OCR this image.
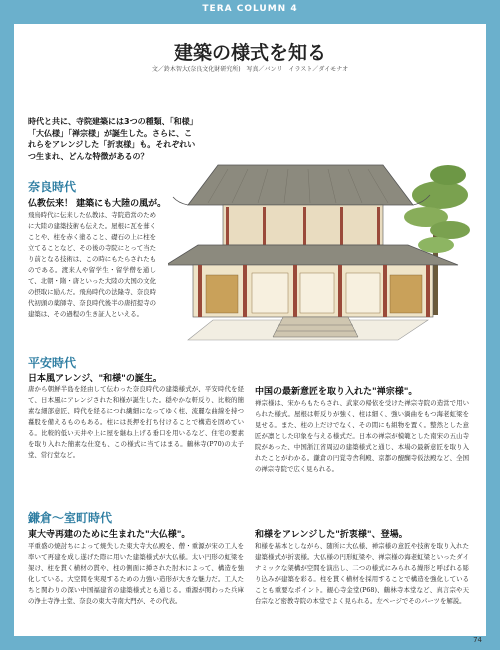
TERA COLUMN 4
建築の様式を知る
文／鈴木智大(奈良文化財研究所)　写真／バンリ　イラスト／ダイモナオ
時代と共に、寺院建築には3つの種類、「和様」「大仏様」「禅宗様」が誕生した。さらに、これらをアレンジした「折衷様」も。それぞれいつ生まれ、どんな特徴があるの？
奈良時代
仏教伝来！ 建築にも大陸の風が。
飛鳥時代に伝来した仏教は、寺院造営のために大陸の建築技術も伝えた。屋根に瓦を葺くことや、柱を赤く塗ること、礎石の上に柱を立てることなど、その後の寺院にとって当たり前となる技術は、この時にもたらされたものである。渡来人や留学生・留学僧を通して、北朝・隋・唐といった大陸の大国の文化の摂取に励んだ。飛鳥時代の法隆寺、奈良時代初頭の薬師寺、奈良時代後半の唐招提寺の建築は、その過程の生き証人といえる。
平安時代
日本風アレンジ、"和様"の誕生。
唐から朝鮮半島を経由して伝わった奈良時代の建築様式が、平安時代を経て、日本風にアレンジされた和様が誕生した。穏やかな軒反り、比較的簡素な細部意匠、時代を経るにつれ繊細になってゆく柱、流麗な曲線を持つ蟇股を備えるものもある。柱には長押を打ち付けることで構造を固めている。比較的低い天井や上に屋を継ね上げる垂口を用いるなど、住宅の要素を取り入れた簡素な仕変も、この様式に当てはまる。鶴林寺(P70)の太子堂、常行堂など。
鎌倉～室町時代
東大寺再建のために生まれた"大仏様"。
平重盛の焼討ちによって焼失した東大寺大仏殿を、僧・重源が宋の工人を率いて再建を成し遂げた際に用いた建築様式が大仏様。太い円形の虹梁を架け、柱を貫く横材の貫や、柱の側面に挿された肘木によって、構造を強化している。大空間を実現するための力強い造形が大きな魅力だ。工人たちと関わりの深い中国福建省の建築様式とも通じる。重源が関わった兵庫の浄土寺浄土堂、奈良の東大寺南大門が、その代表。
中国の最新意匠を取り入れた"禅宗様"。
禅宗様は、宋からもたらされ、武家の帰依を受けた禅宗寺院の造営で用いられた様式。屋根は軒反りが強く、柱は細く、強い渦曲をもつ海老虹梁を見せる。また、柱の上だけでなく、その間にも組物を置く。整然とした意匠が凛とした印象を与える様式だ。日本の禅宗が模範とした南宋の五山寺院があった、中国浙江省周辺の建築様式と通じ、本場の最新意匠を取り入れたことがわかる。鎌倉の円覚寺舎利殿、京都の醍醐寺仮法殿など、全国の禅宗寺院で広く見られる。
和様をアレンジした"折衷様"、登場。
和様を基本としながら、随所に大仏様、禅宗様の意匠や技術を取り入れた建築様式が折衷様。大仏様の円形虹梁や、禅宗様の海老虹梁といったダイナミックな架構が空間を演出し、二つの様式にみられる繰形と呼ばれる彫り込みが建築を彩る。柱を貫く横材を採用することで構造を強化していることも重要なポイント。観心寺金堂(P68)、鶴林寺本堂など、真言宗や天台宗など密教寺院の本堂でよく見られる。左ページでそのパーツを解説。
74
